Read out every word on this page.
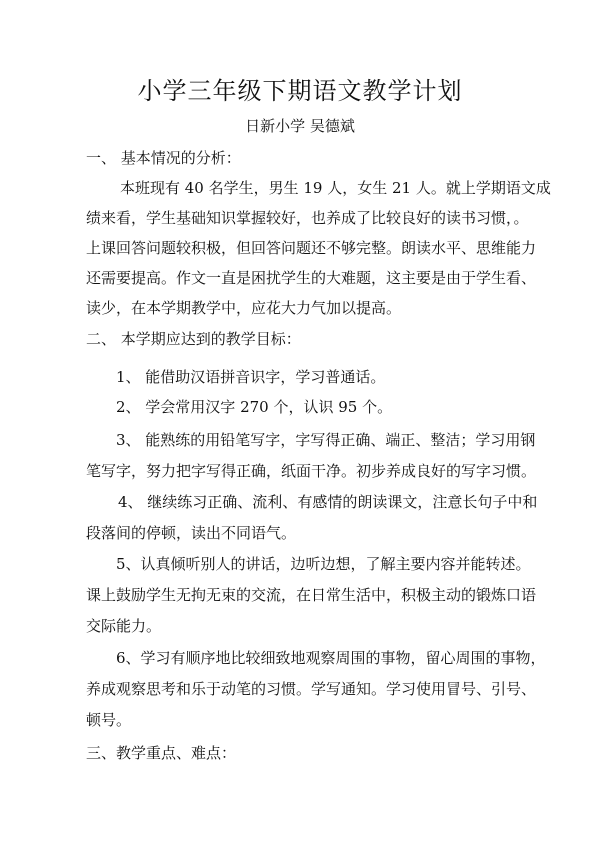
小学三年级下期语文教学计划
日新小学 吴德斌
一、 基本情况的分析：
本班现有 40 名学生，男生 19 人，女生 21 人。就上学期语文成
绩来看，学生基础知识掌握较好，也养成了比较良好的读书习惯，。
上课回答问题较积极，但回答问题还不够完整。朗读水平、思维能力
还需要提高。作文一直是困扰学生的大难题，这主要是由于学生看、
读少，在本学期教学中，应花大力气加以提高。
二、 本学期应达到的教学目标：
1、 能借助汉语拼音识字，学习普通话。
2、 学会常用汉字 270 个，认识 95 个。
3、 能熟练的用铅笔写字，字写得正确、端正、整洁；学习用钢
笔写字，努力把字写得正确，纸面干净。初步养成良好的写字习惯。
4、 继续练习正确、流利、有感情的朗读课文，注意长句子中和
段落间的停顿，读出不同语气。
5、认真倾听别人的讲话，边听边想，了解主要内容并能转述。
课上鼓励学生无拘无束的交流，在日常生活中，积极主动的锻炼口语
交际能力。
6、学习有顺序地比较细致地观察周围的事物，留心周围的事物，
养成观察思考和乐于动笔的习惯。学写通知。学习使用冒号、引号、
顿号。
三、教学重点、难点：
